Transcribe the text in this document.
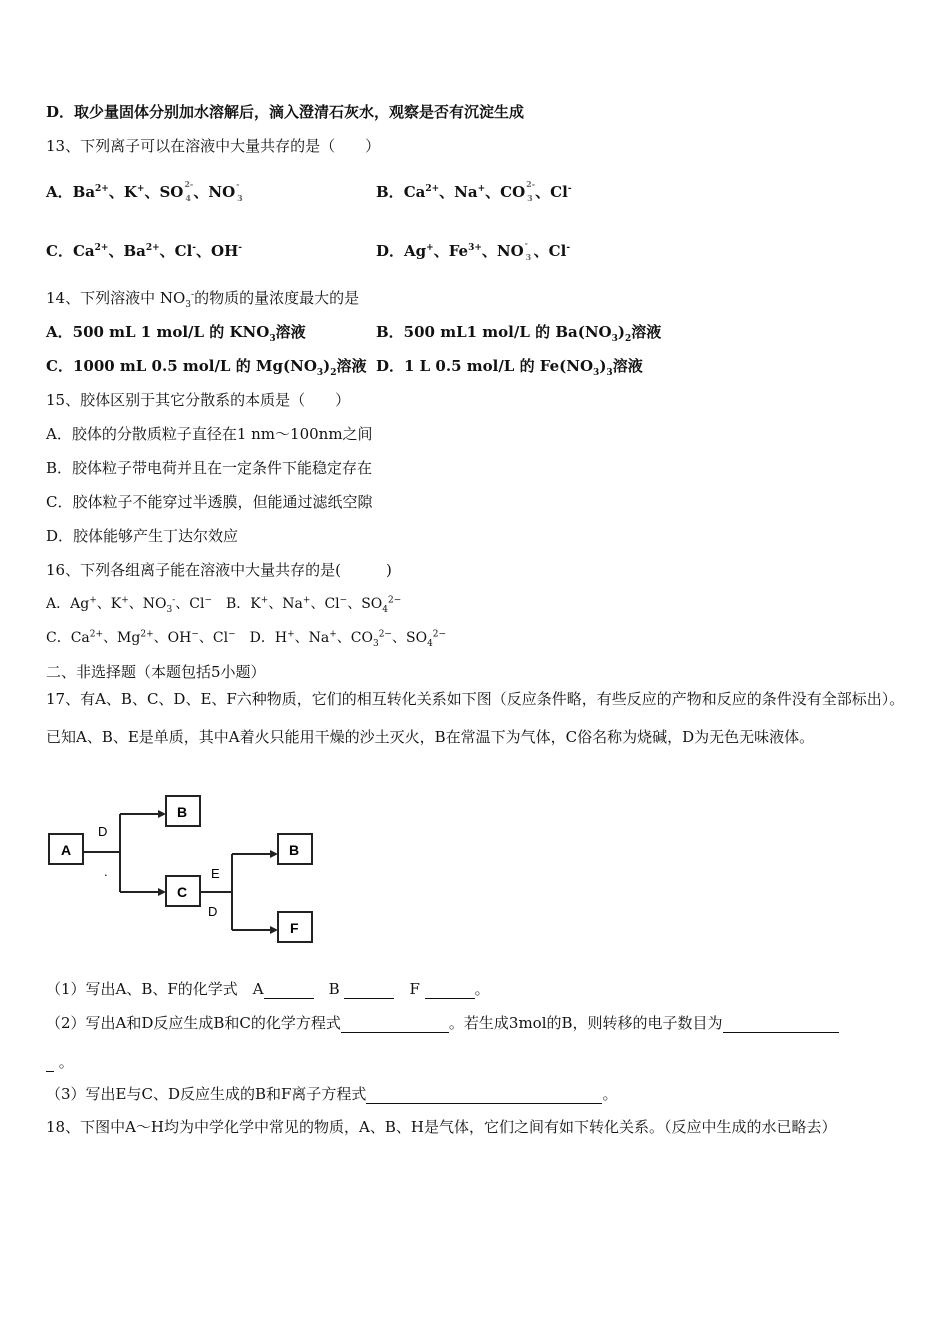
D．取少量固体分别加水溶解后，滴入澄清石灰水，观察是否有沉淀生成
13、下列离子可以在溶液中大量共存的是（　　）
A．$Ba^{2+}$、K+、SO 2-
4 、NO -
3	B．$Ca^{2+}$、Na+、CO 2-
3 、Cl-
C．$Ca^{2+}$、$Ba^{2+}$、Cl-、OH-	D．Ag+、$Fe^{3+}$、NO -
3 、Cl-
14、下列溶液中 $NO_3^-$的物质的量浓度最大的是
A．500 mL 1 mol/L 的 $KNO_3$溶液	B．500 mL1 mol/L 的 $Ba(NO_3)_2$溶液
C．1000 mL 0.5 mol/L 的 $Mg(NO_3)_2$溶液 D．1 L 0.5 mol/L 的 $Fe(NO_3)_3$溶液
15、胶体区别于其它分散系的本质是（　　）
A．胶体的分散质粒子直径在1 nm～100nm之间
B．胶体粒子带电荷并且在一定条件下能稳定存在
C．胶体粒子不能穿过半透膜，但能通过滤纸空隙
D．胶体能够产生丁达尔效应
16、下列各组离子能在溶液中大量共存的是(　　　)
A．Ag+、K+、$NO_3^-$、Cl−　B．K+、Na+、Cl−、$SO_4^{2-}$
C．$Ca^{2+}$、$Mg^{2+}$、OH−、Cl−　D．H+、Na+、$CO_3^{2-}$、$SO_4^{2-}$
二、非选择题（本题包括5小题）
17、有A、B、C、D、E、F六种物质，它们的相互转化关系如下图（反应条件略，有些反应的产物和反应的条件没有全部标出）。已知A、B、E是单质，其中A着火只能用干燥的沙土灭火，B在常温下为气体，C俗名称为烧碱，D为无色无味液体。
A
D
.
B
C
E
D
B
F
（1）写出A、B、F的化学式　A	　B	　F	。
（2）写出A和D反应生成B和C的化学方程式	。若生成3mol的B，则转移的电子数目为
。
（3）写出E与C、D反应生成的B和F离子方程式	。
18、下图中A～H均为中学化学中常见的物质，A、B、H是气体，它们之间有如下转化关系。（反应中生成的水已略去）
